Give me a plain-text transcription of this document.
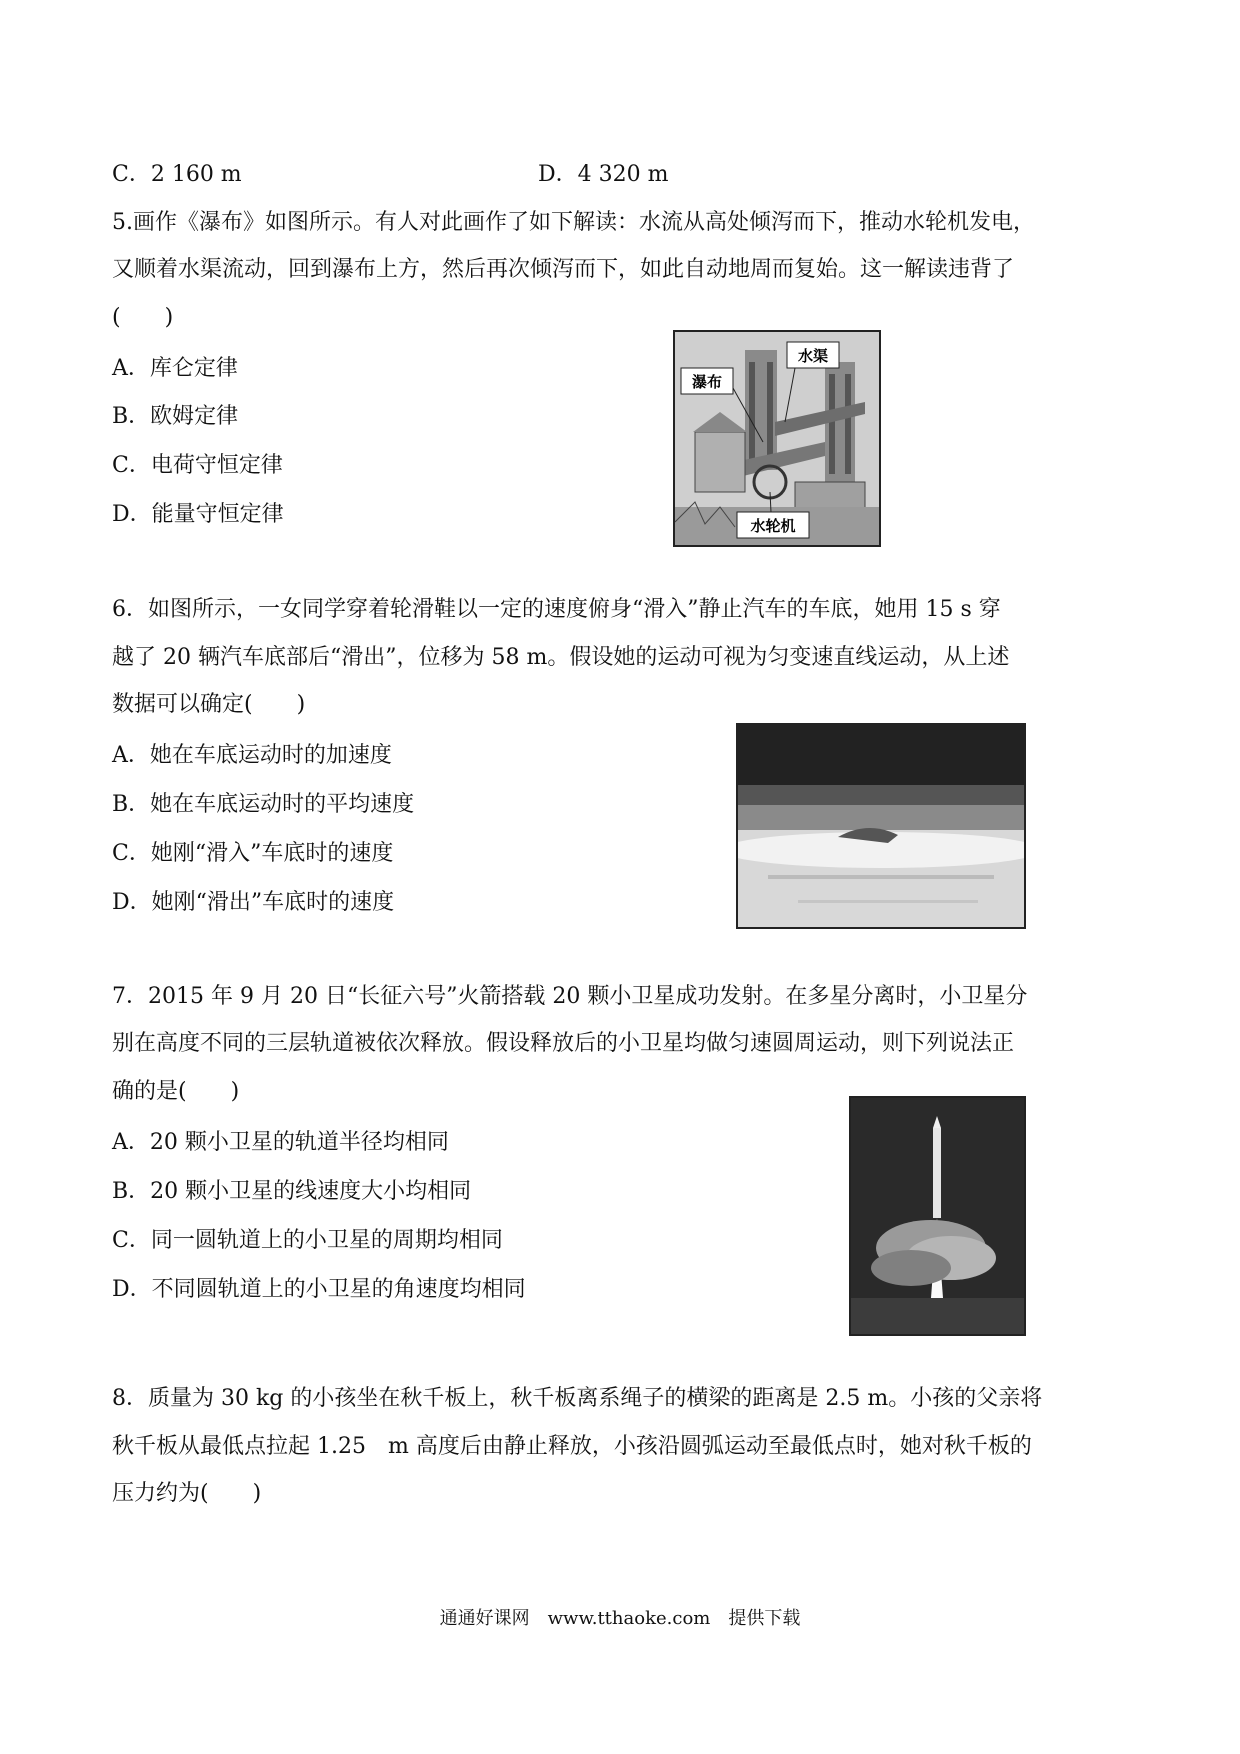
C．2 160 m	D．4 320 m
5.画作《瀑布》如图所示。有人对此画作了如下解读：水流从高处倾泻而下，推动水轮机发电，
又顺着水渠流动，回到瀑布上方，然后再次倾泻而下，如此自动地周而复始。这一解读违背了
(　　)
A．库仑定律
B．欧姆定律
C．电荷守恒定律
D．能量守恒定律
瀑布
水渠
水轮机
6．如图所示，一女同学穿着轮滑鞋以一定的速度俯身“滑入”静止汽车的车底，她用 15 s 穿
越了 20 辆汽车底部后“滑出”，位移为 58 m。假设她的运动可视为匀变速直线运动，从上述
数据可以确定(　　)
A．她在车底运动时的加速度
B．她在车底运动时的平均速度
C．她刚“滑入”车底时的速度
D．她刚“滑出”车底时的速度
7．2015 年 9 月 20 日“长征六号”火箭搭载 20 颗小卫星成功发射。在多星分离时，小卫星分
别在高度不同的三层轨道被依次释放。假设释放后的小卫星均做匀速圆周运动，则下列说法正
确的是(　　)
A．20 颗小卫星的轨道半径均相同
B．20 颗小卫星的线速度大小均相同
C．同一圆轨道上的小卫星的周期均相同
D．不同圆轨道上的小卫星的角速度均相同
8．质量为 30 kg 的小孩坐在秋千板上，秋千板离系绳子的横梁的距离是 2.5 m。小孩的父亲将
秋千板从最低点拉起 1.25　m 高度后由静止释放，小孩沿圆弧运动至最低点时，她对秋千板的
压力约为(　　)
通通好课网　www.tthaoke.com　提供下载
